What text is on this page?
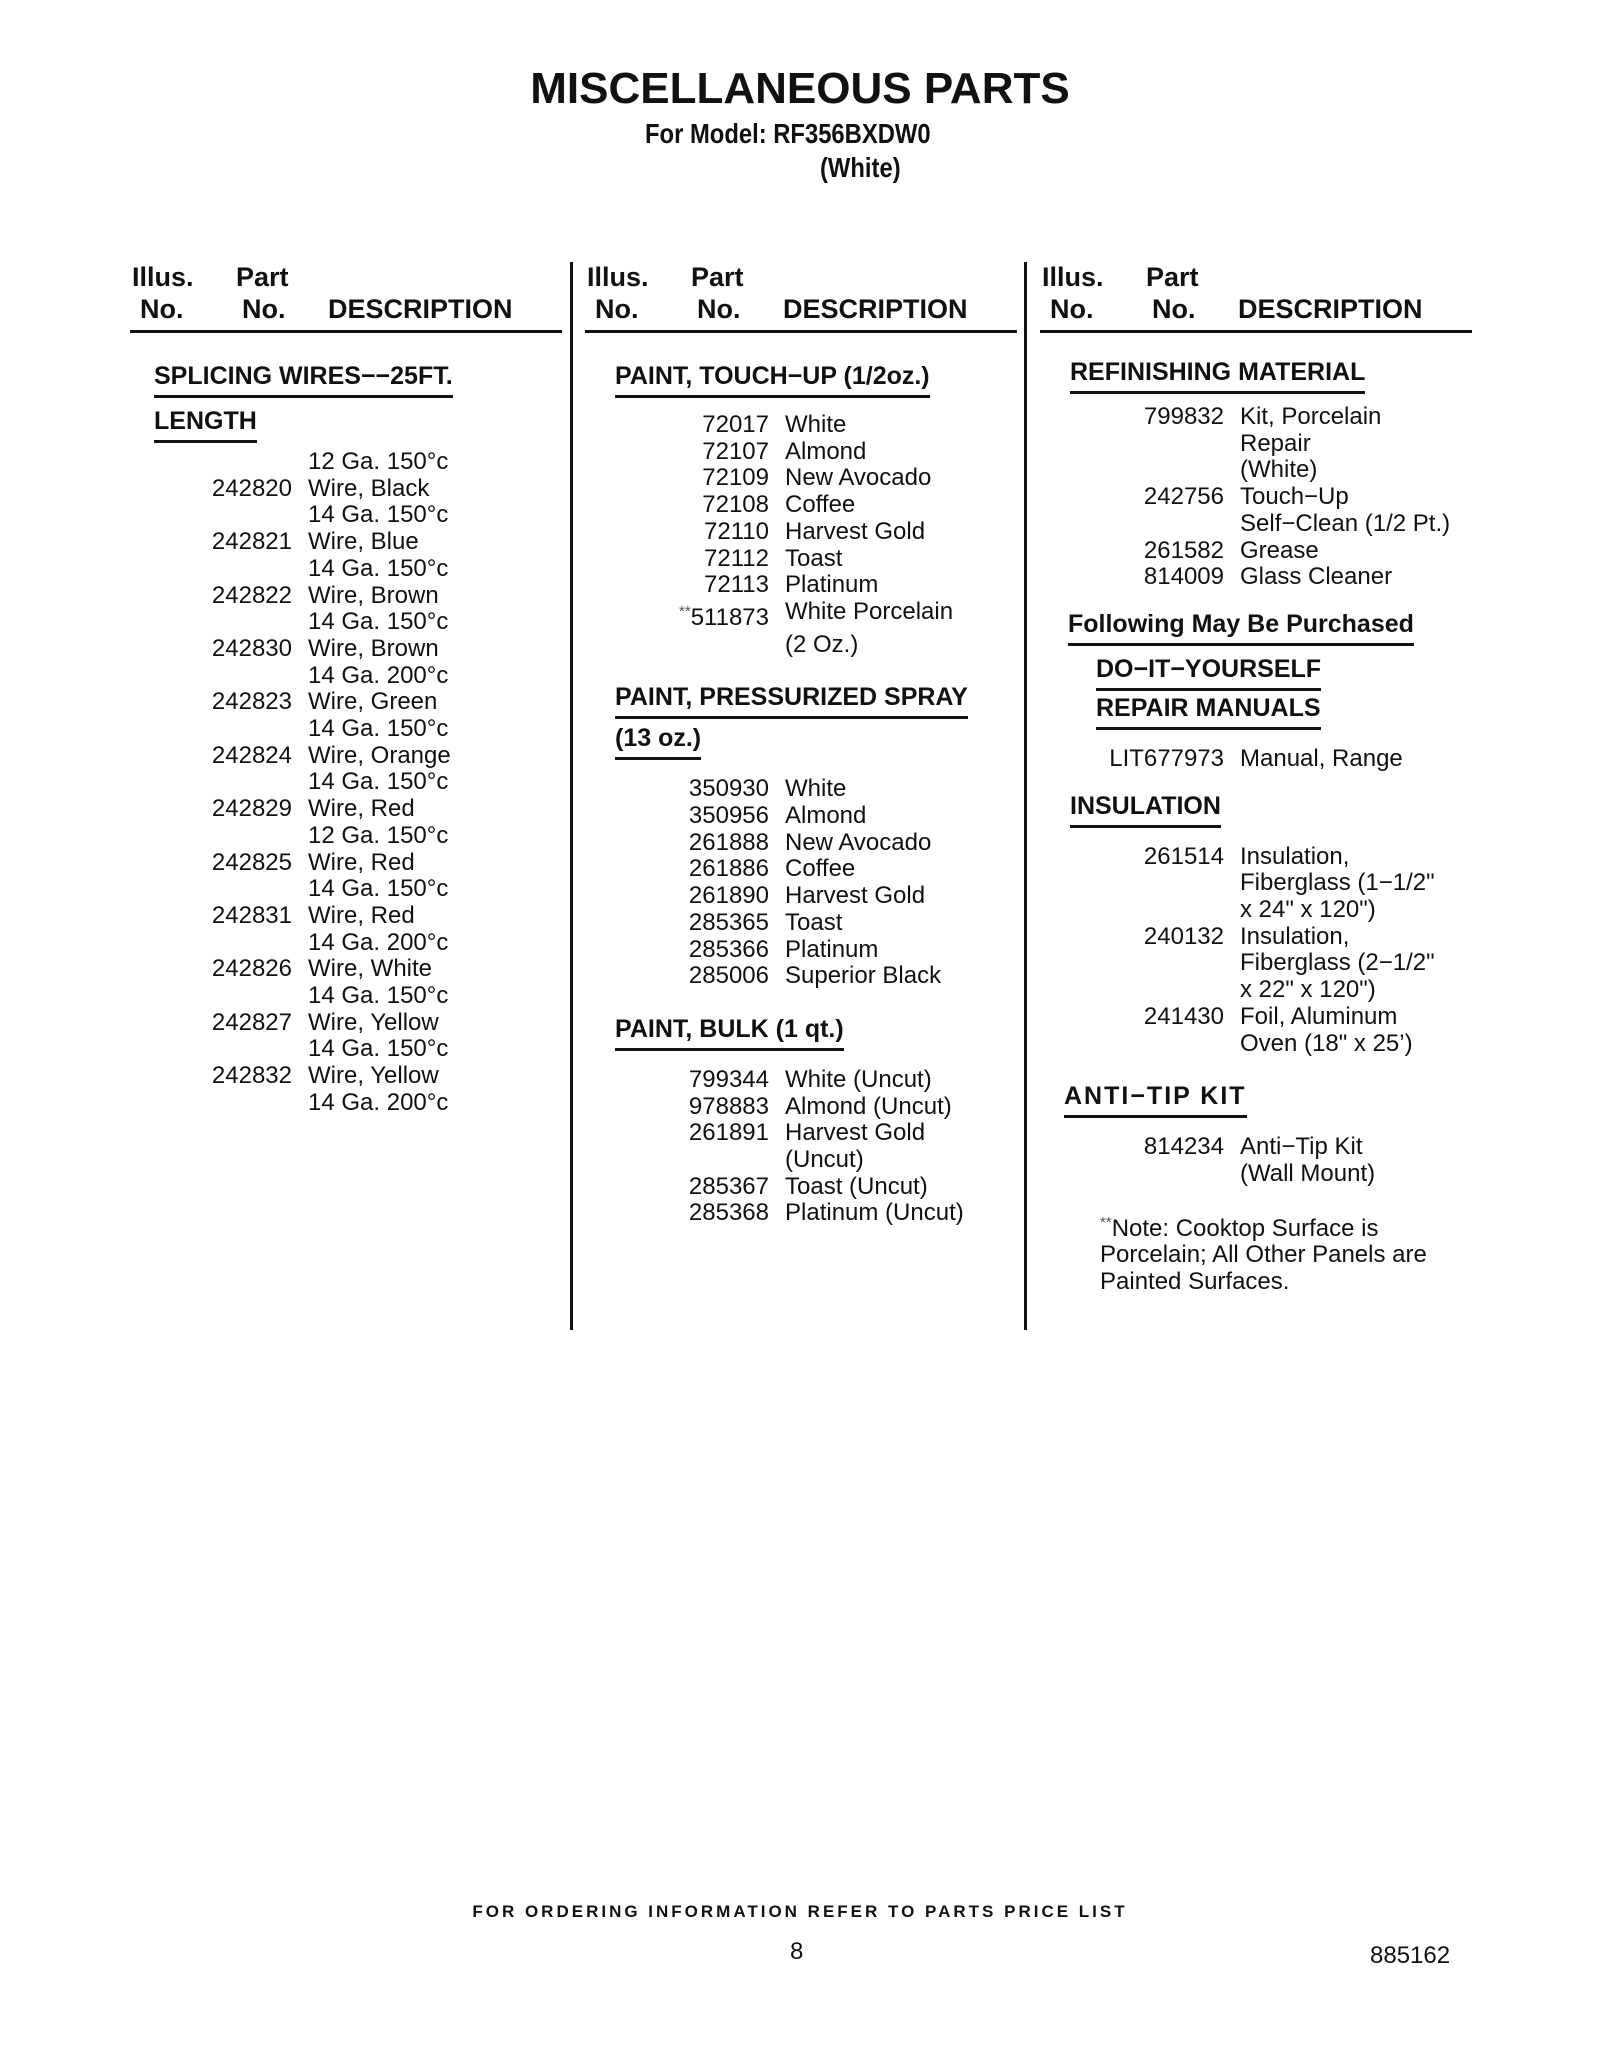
MISCELLANEOUS PARTS
For Model: RF356BXDW0
(White)
Illus. Part
No. No. DESCRIPTION
SPLICING WIRES−−25FT.
LENGTH
12 Ga. 150°c
242820 Wire, Black
14 Ga. 150°c
242821 Wire, Blue
14 Ga. 150°c
242822 Wire, Brown
14 Ga. 150°c
242830 Wire, Brown
14 Ga. 200°c
242823 Wire, Green
14 Ga. 150°c
242824 Wire, Orange
14 Ga. 150°c
242829 Wire, Red
12 Ga. 150°c
242825 Wire, Red
14 Ga. 150°c
242831 Wire, Red
14 Ga. 200°c
242826 Wire, White
14 Ga. 150°c
242827 Wire, Yellow
14 Ga. 150°c
242832 Wire, Yellow
14 Ga. 200°c
Illus. Part
No. No. DESCRIPTION
PAINT, TOUCH−UP (1/2oz.)
72017 White
72107 Almond
72109 New Avocado
72108 Coffee
72110 Harvest Gold
72112 Toast
72113 Platinum
**511873 White Porcelain
(2 Oz.)
PAINT, PRESSURIZED SPRAY
(13 oz.)
350930 White
350956 Almond
261888 New Avocado
261886 Coffee
261890 Harvest Gold
285365 Toast
285366 Platinum
285006 Superior Black
PAINT, BULK (1 qt.)
799344 White (Uncut)
978883 Almond (Uncut)
261891 Harvest Gold
(Uncut)
285367 Toast (Uncut)
285368 Platinum (Uncut)
Illus. Part
No. No. DESCRIPTION
REFINISHING MATERIAL
799832 Kit, Porcelain
Repair
(White)
242756 Touch−Up
Self−Clean (1/2 Pt.)
261582 Grease
814009 Glass Cleaner
Following May Be Purchased
DO−IT−YOURSELF
REPAIR MANUALS
LIT677973 Manual, Range
INSULATION
261514 Insulation,
Fiberglass (1−1/2"
x 24" x 120")
240132 Insulation,
Fiberglass (2−1/2"
x 22" x 120")
241430 Foil, Aluminum
Oven (18" x 25’)
ANTI−TIP KIT
814234 Anti−Tip Kit
(Wall Mount)
**Note: Cooktop Surface is
Porcelain; All Other Panels are
Painted Surfaces.
FOR ORDERING INFORMATION REFER TO PARTS PRICE LIST
8	885162
